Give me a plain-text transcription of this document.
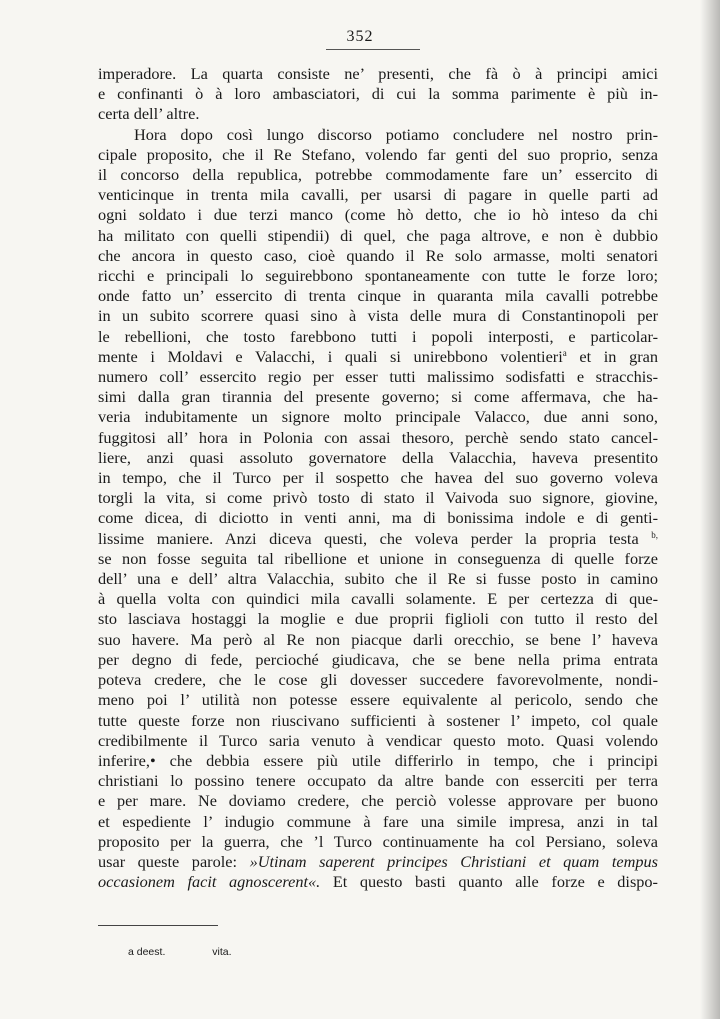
352
imperadore. La quarta consiste ne’ presenti, che fà ò à principi amici
e confinanti ò à loro ambasciatori, di cui la somma parimente è più in-
certa dell’ altre.
Hora dopo così lungo discorso potiamo concludere nel nostro prin-
cipale proposito, che il Re Stefano, volendo far genti del suo proprio, senza
il concorso della republica, potrebbe commodamente fare un’ essercito di
venticinque in trenta mila cavalli, per usarsi di pagare in quelle parti ad
ogni soldato i due terzi manco (come hò detto, che io hò inteso da chi
ha militato con quelli stipendii) di quel, che paga altrove, e non è dubbio
che ancora in questo caso, cioè quando il Re solo armasse, molti senatori
ricchi e principali lo seguirebbono spontaneamente con tutte le forze loro;
onde fatto un’ essercito di trenta cinque in quaranta mila cavalli potrebbe
in un subito scorrere quasi sino à vista delle mura di Constantinopoli per
le rebellioni, che tosto farebbono tutti i popoli interposti, e particolar-
mente i Moldavi e Valacchi, i quali si unirebbono volentieri$^a$ et in gran
numero coll’ essercito regio per esser tutti malissimo sodisfatti e stracchis-
simi dalla gran tirannia del presente governo; si come affermava, che ha-
veria indubitamente un signore molto principale Valacco, due anni sono,
fuggitosi all’ hora in Polonia con assai thesoro, perchè sendo stato cancel-
liere, anzi quasi assoluto governatore della Valacchia, haveva presentito
in tempo, che il Turco per il sospetto che havea del suo governo voleva
torgli la vita, si come privò tosto di stato il Vaivoda suo signore, giovine,
come dicea, di diciotto in venti anni, ma di bonissima indole e di genti-
lissime maniere. Anzi diceva questi, che voleva perder la propria testa $^{b,}$
se non fosse seguita tal ribellione et unione in conseguenza di quelle forze
dell’ una e dell’ altra Valacchia, subito che il Re si fusse posto in camino
à quella volta con quindici mila cavalli solamente. E per certezza di que-
sto lasciava hostaggi la moglie e due proprii figlioli con tutto il resto del
suo havere. Ma però al Re non piacque darli orecchio, se bene l’ haveva
per degno di fede, percioché giudicava, che se bene nella prima entrata
poteva credere, che le cose gli dovesser succedere favorevolmente, nondi-
meno poi l’ utilità non potesse essere equivalente al pericolo, sendo che
tutte queste forze non riuscivano sufficienti à sostener l’ impeto, col quale
credibilmente il Turco saria venuto à vendicar questo moto. Quasi volendo
inferire,• che debbia essere più utile differirlo in tempo, che i principi
christiani lo possino tenere occupato da altre bande con esserciti per terra
e per mare. Ne doviamo credere, che perciò volesse approvare per buono
et espediente l’ indugio commune à fare una simile impresa, anzi in tal
proposito per la guerra, che ’l Turco continuamente ha col Persiano, soleva
usar queste parole: »Utinam saperent principes Christiani et quam tempus
occasionem facit agnoscerent«. Et questo basti quanto alle forze e dispo-
a deest.	vita.
